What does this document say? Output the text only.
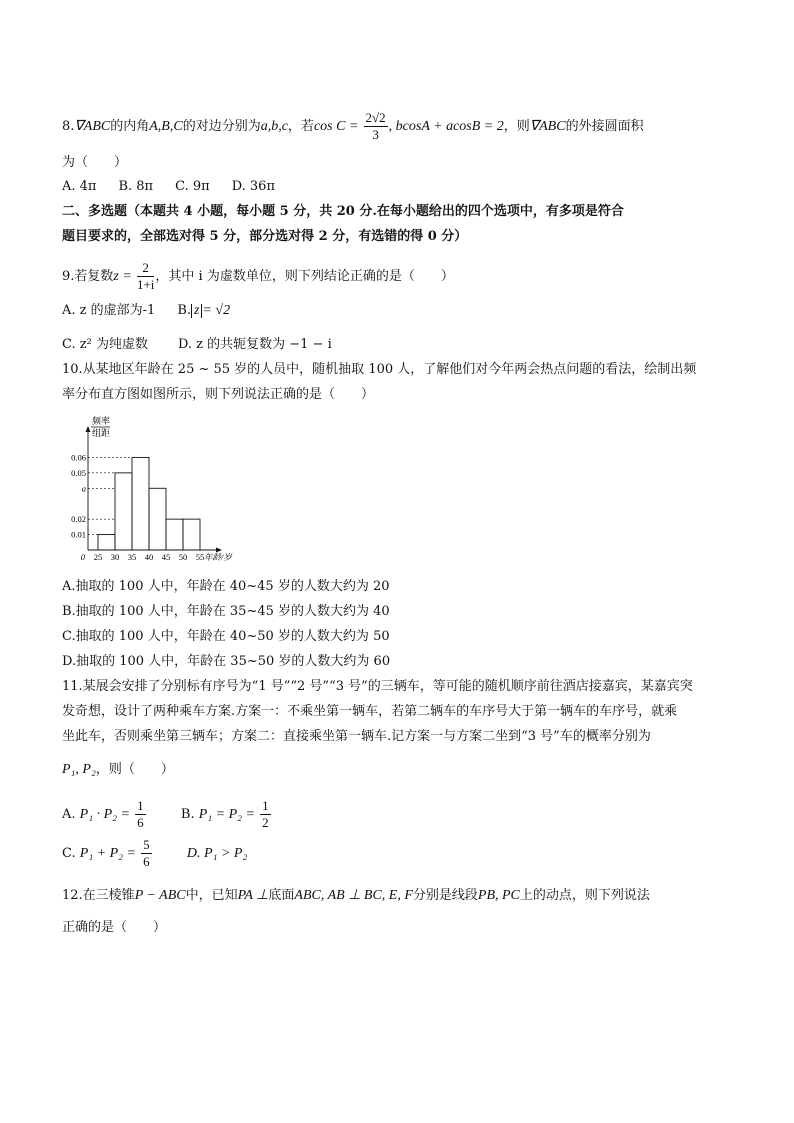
8.∇ABC的内角A,B,C的对边分别为a,b,c，若$\cos C = \frac{2√2}{3}$ , bcosA + acosB = 2，则∇ABC的外接圆面积
为（　　）
A. 4π B. 8π C. 9π D. 36π
二、多选题（本题共 4 小题，每小题 5 分，共 20 分.在每小题给出的四个选项中，有多项是符合
题目要求的，全部选对得 5 分，部分选对得 2 分，有选错的得 0 分）
9.若复数$z = \frac{2}{1+i}$ ，其中 i 为虚数单位，则下列结论正确的是（　　）
A. z 的虚部为-1 B. z = √2
C. z² 为纯虚数 D. z 的共轭复数为 −1 − i
10.从某地区年龄在 25 ~ 55 岁的人员中，随机抽取 100 人，了解他们对今年两会热点问题的看法，绘制出频
率分布直方图如图所示，则下列说法正确的是（　　）
频率
组距
0.06
0.05
a
0.02
0.01
25 30 35 40 45 50 55
0	年龄/岁
A.抽取的 100 人中，年龄在 40~45 岁的人数大约为 20
B.抽取的 100 人中，年龄在 35~45 岁的人数大约为 40
C.抽取的 100 人中，年龄在 40~50 岁的人数大约为 50
D.抽取的 100 人中，年龄在 35~50 岁的人数大约为 60
11.某展会安排了分别标有序号为“1 号”“2 号”“3 号”的三辆车，等可能的随机顺序前往酒店接嘉宾，某嘉宾突
发奇想，设计了两种乘车方案.方案一：不乘坐第一辆车，若第二辆车的车序号大于第一辆车的车序号，就乘
坐此车，否则乘坐第三辆车；方案二：直接乘坐第一辆车.记方案一与方案二坐到“3 号”车的概率分别为
P₁, P₂，则（　　）
A. $P_1 \cdot P_2 = \frac{1}{6}$	B. $P_1 = P_2 = \frac{1}{2}$
C. $P_1 + P_2 = \frac{5}{6}$	D. P₁ > P₂
12.在三棱锥P − ABC中，已知PA ⊥底面ABC, AB ⊥ BC, E, F分别是线段PB, PC上的动点，则下列说法
正确的是（　　）
